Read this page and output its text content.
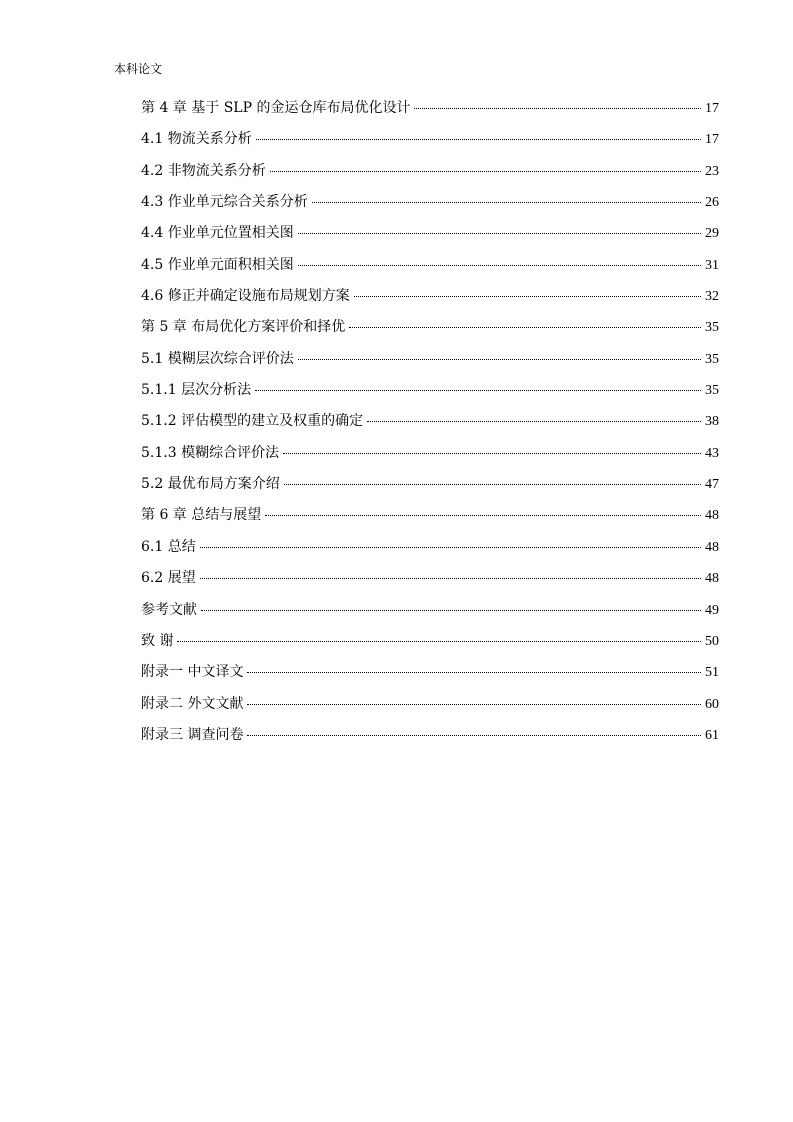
本科论文
第 4 章 基于 SLP 的金运仓库布局优化设计	17
4.1 物流关系分析	17
4.2 非物流关系分析	23
4.3 作业单元综合关系分析	26
4.4 作业单元位置相关图	29
4.5 作业单元面积相关图	31
4.6 修正并确定设施布局规划方案	32
第 5 章 布局优化方案评价和择优	35
5.1 模糊层次综合评价法	35
5.1.1 层次分析法	35
5.1.2 评估模型的建立及权重的确定	38
5.1.3 模糊综合评价法	43
5.2 最优布局方案介绍	47
第 6 章 总结与展望	48
6.1 总结	48
6.2 展望	48
参考文献	49
致 谢	50
附录一 中文译文	51
附录二 外文文献	60
附录三 调查问卷	61
